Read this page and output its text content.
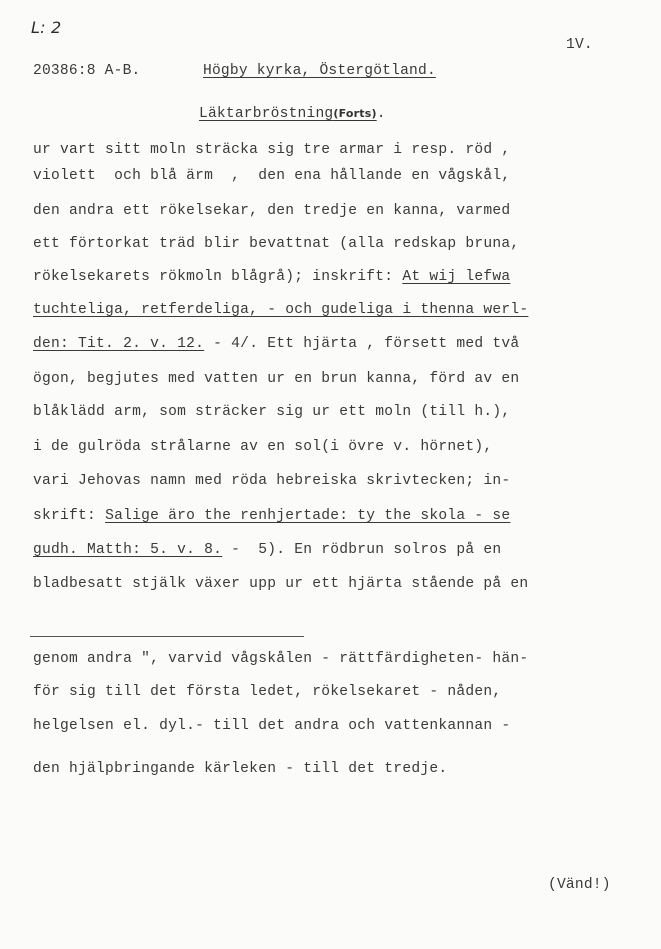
L: 2
1V.
20386:8 A-B.	Högby kyrka, Östergötland.
Läktarbröstning(Forts).
ur vart sitt moln sträcka sig tre armar i resp. röd ,
violett  och blå ärm  ,  den ena hållande en vågskål,
den andra ett rökelsekar, den tredje en kanna, varmed
ett förtorkat träd blir bevattnat (alla redskap bruna,
rökelsekarets rökmoln blågrå); inskrift: At wij lefwa
tuchteliga, retferdeliga, - och gudeliga i thenna werl-
den: Tit. 2. v. 12. - 4/. Ett hjärta , försett med två
ögon, begjutes med vatten ur en brun kanna, förd av en
blåklädd arm, som sträcker sig ur ett moln (till h.),
i de gulröda strålarne av en sol(i övre v. hörnet),
vari Jehovas namn med röda hebreiska skrivtecken; in-
skrift: Salige äro the renhjertade: ty the skola - se
gudh. Matth: 5. v. 8. -  5). En rödbrun solros på en
bladbesatt stjälk växer upp ur ett hjärta stående på en
genom andra ", varvid vågskålen - rättfärdigheten- hän-
för sig till det första ledet, rökelsekaret - nåden,
helgelsen el. dyl.- till det andra och vattenkannan -
den hjälpbringande kärleken - till det tredje.
(Vänd!)
